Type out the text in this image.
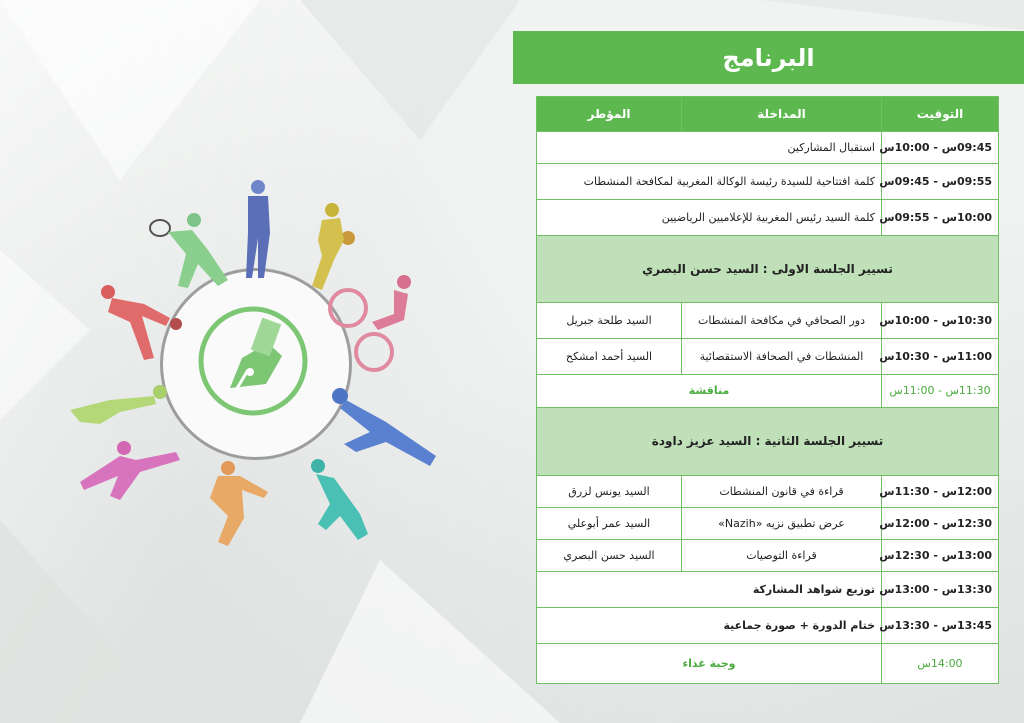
البرنامج
التوقيت	المداخلة	المؤطر
09:45س - 10:00س	استقبال المشاركين	
09:55س - 09:45س	كلمة افتتاحية للسيدة رئيسة الوكالة المغربية لمكافحة المنشطات	
10:00س - 09:55س	كلمة السيد رئيس المغربية للإعلاميين الرياضيين	
تسيير الجلسة الاولى : السيد حسن البصري		
10:30س - 10:00س	دور الصحافي في مكافحة المنشطات	السيد طلحة جبريل
11:00س - 10:30س	المنشطات في الصحافة الاستقصائية	السيد أحمد امشكح
11:30س - 11:00س	مناقشة	
تسيير الجلسة الثانية : السيد عزيز داودة		
12:00س - 11:30س	قراءة في قانون المنشطات	السيد يونس لزرق
12:30س - 12:00س	عرض تطبيق نزيه «Nazih»	السيد عمر أبوعلي
13:00س - 12:30س	قراءة التوصيات	السيد حسن البصري
13:30س - 13:00س	توزيع شواهد المشاركة	
13:45س - 13:30س	ختام الدورة + صورة جماعية	
14:00س	وجبة غذاء	
